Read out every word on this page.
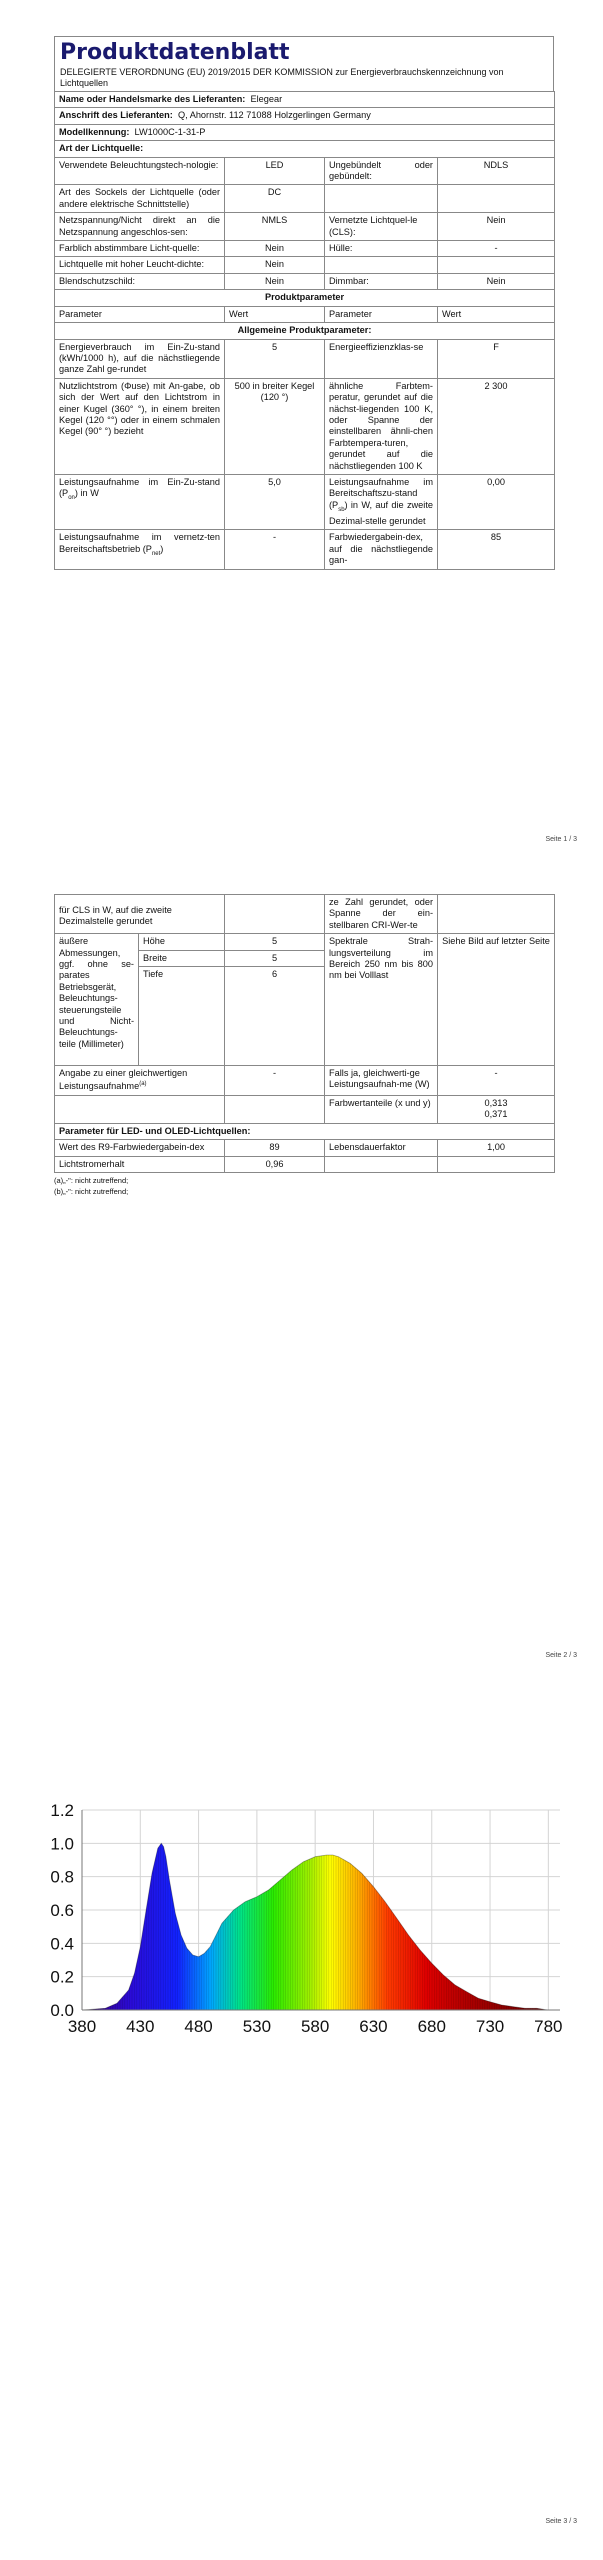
Produktdatenblatt
DELEGIERTE VERORDNUNG (EU) 2019/2015 DER KOMMISSION zur Energieverbrauchskennzeichnung von Lichtquellen
Name oder Handelsmarke des Lieferanten: Elegear			
Anschrift des Lieferanten: Q, Ahornstr. 112 71088 Holzgerlingen Germany			
Modellkennung: LW1000C-1-31-P			
Art der Lichtquelle:			
Verwendete Beleuchtungstech-nologie:	LED	Ungebündelt oder gebündelt:	NDLS
Art des Sockels der Lichtquelle (oder andere elektrische Schnittstelle)	DC		
Netzspannung/Nicht direkt an die Netzspannung angeschlos-sen:	NMLS	Vernetzte Lichtquel-le (CLS):	Nein
Farblich abstimmbare Licht-quelle:	Nein	Hülle:	-
Lichtquelle mit hoher Leucht-dichte:	Nein		
Blendschutzschild:	Nein	Dimmbar:	Nein
Produktparameter			
Parameter	Wert	Parameter	Wert
Allgemeine Produktparameter:			
Energieverbrauch im Ein-Zu-stand (kWh/1000 h), auf die nächstliegende ganze Zahl ge-rundet	5	Energieeffizienzklas-se	F
Nutzlichtstrom (Φuse) mit An-gabe, ob sich der Wert auf den Lichtstrom in einer Kugel (360° °), in einem breiten Kegel (120 °°) oder in einem schmalen Kegel (90° °) bezieht	500 in breiter Kegel (120 °)	ähnliche Farbtem-peratur, gerundet auf die nächst-liegenden 100 K, oder Spanne der einstellbaren ähnli-chen Farbtempera-turen, gerundet auf die nächstliegenden 100 K	2 300
Leistungsaufnahme im Ein-Zu-stand $(P_{on})$ in W	5,0	Leistungsaufnahme im Bereitschaftszu-stand $(P_{sb})$ in W, auf die zweite Dezimal-stelle gerundet	0,00
Leistungsaufnahme im vernetz-ten Bereitschaftsbetrieb $(P_{net})$	-	Farbwiedergabein-dex, auf die nächstliegende gan-	85
Seite 1 / 3
für CLS in W, auf die zweite Dezimalstelle gerundet			ze Zahl gerundet, oder Spanne der ein-stellbaren CRI-Wer-te	
äußere Abmessungen, ggf. ohne se-parates Betriebsgerät, Beleuchtungs-steuerungsteile und Nicht-Beleuchtungs-teile (Millimeter)	Höhe	5	Spektrale Strah-lungsverteilung im Bereich 250 nm bis 800 nm bei Volllast	Siehe Bild auf letzter Seite
	Breite	5		
	Tiefe	6		
Angabe zu einer gleichwertigen Leistungsaufnahme$^{(a)}$		-	Falls ja, gleichwerti-ge Leistungsaufnah-me (W)	-
			Farbwertanteile (x und y)	0,313
0,371
Parameter für LED- und OLED-Lichtquellen:				
Wert des R9-Farbwiedergabein-dex		89	Lebensdauerfaktor	1,00
Lichtstromerhalt		0,96		
(a)„-": nicht zutreffend;
(b)„-": nicht zutreffend;
Seite 2 / 3
0.0
0.2
0.4
0.6
0.8
1.0
1.2
380 430 480 530 580 630 680 730 780
Seite 3 / 3
